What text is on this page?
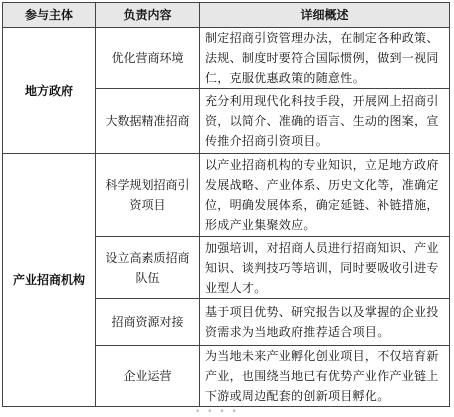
参与主体	负责内容	详细概述
地方政府	优化营商环境	制定招商引资管理办法，在制定各种政策、法规、制度时要符合国际惯例，做到一视同仁，克服优惠政策的随意性。
	大数据精准招商	充分利用现代化科技手段，开展网上招商引资，以简介、准确的语言、生动的图案，宣传推介招商引资项目。
产业招商机构	科学规划招商引资项目	以产业招商机构的专业知识，立足地方政府发展战略、产业体系、历史文化等，准确定位，明确发展体系，确定延链、补链措施，形成产业集聚效应。
	设立高素质招商队伍	加强培训，对招商人员进行招商知识、产业知识、谈判技巧等培训，同时要吸收引进专业型人才。
	招商资源对接	基于项目优势、研究报告以及掌握的企业投资需求为当地政府推荐适合项目。
	企业运营	为当地未来产业孵化创业项目，不仅培育新产业，也围绕当地已有优势产业作产业链上下游或周边配套的创新项目孵化。
• • • •
